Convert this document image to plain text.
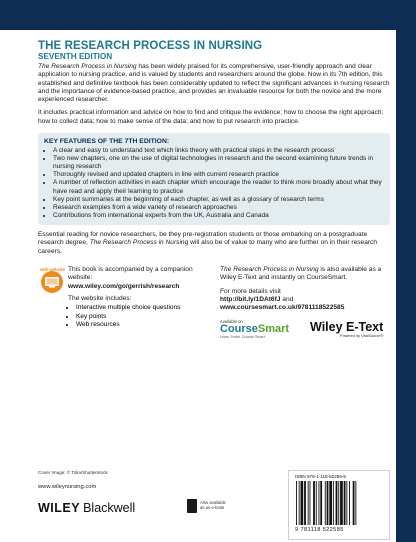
THE RESEARCH PROCESS IN NURSING
SEVENTH EDITION

The Research Process in Nursing has been widely praised for its comprehensive, user-friendly approach and clear application to nursing practice, and is valued by students and researchers around the globe. Now in its 7th edition, this established and definitive textbook has been considerably updated to reflect the significant advances in nursing research and the importance of evidence-based practice, and provides an invaluable resource for both the novice and the more experienced researcher.

It includes practical information and advice on how to find and critique the evidence; how to choose the right approach; how to collect data; how to make sense of the data; and how to put research into practice.

KEY FEATURES OF THE 7TH EDITION:
• A clear and easy to understand text which links theory with practical steps in the research process
• Two new chapters, one on the use of digital technologies in research and the second examining future trends in nursing research
• Thoroughly revised and updated chapters in line with current research practice
• A number of reflection activities in each chapter which encourage the reader to think more broadly about what they have read and apply their learning to practice
• Key point summaries at the beginning of each chapter, as well as a glossary of research terms
• Research examples from a wide variety of research approaches
• Contributions from international experts from the UK, Australia and Canada

Essential reading for novice researchers, be they pre-registration students or those embarking on a postgraduate research degree, The Research Process in Nursing will also be of value to many who are further on in their research careers.

with website This book is accompanied by a companion website:
www.wiley.com/go/gerrish/research
The website includes:
• Interactive multiple choice questions
• Key points
• Web resources
The Research Process in Nursing is also available as a Wiley E-Text and instantly on CourseSmart.
For more details visit
http://bit.ly/1DAt6fJ and
www.coursesmart.co.uk/9781118522585
Available on
CourseSmart
Learn Smart. Choose Smart.
Wiley E-Text
Powered by VitalSource®
Cover Image: © Tolia/Shutterstock
www.wileynursing.com
WILEY Blackwell	Also available
as an e-book
ISBN 978-1-118-52256-5
9 781118 522585
